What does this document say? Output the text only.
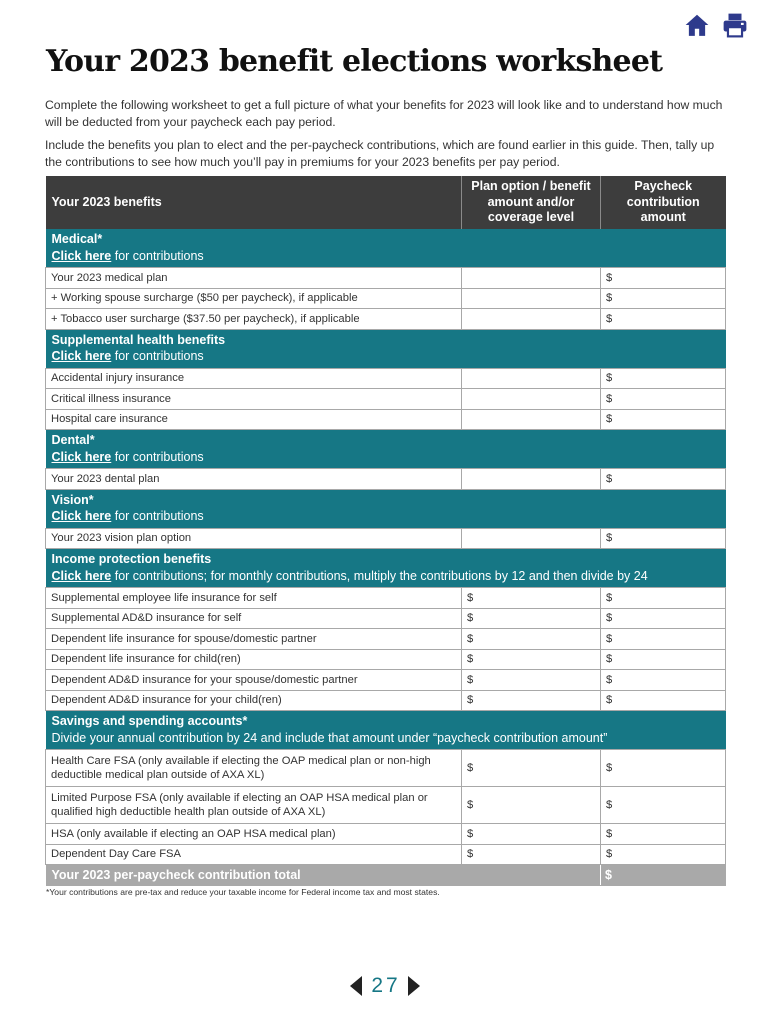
Your 2023 benefit elections worksheet

Complete the following worksheet to get a full picture of what your benefits for 2023 will look like and to understand how much will be deducted from your paycheck each pay period.

Include the benefits you plan to elect and the per-paycheck contributions, which are found earlier in this guide. Then, tally up the contributions to see how much you’ll pay in premiums for your 2023 benefits per pay period.

Your 2023 benefits	Plan option / benefit amount and/or coverage level	Paycheck contribution amount

Medical*
Click here for contributions		
Your 2023 medical plan		$
+ Working spouse surcharge ($50 per paycheck), if applicable		$
+ Tobacco user surcharge ($37.50 per paycheck), if applicable		$

Supplemental health benefits
Click here for contributions		
Accidental injury insurance		$
Critical illness insurance		$
Hospital care insurance		$

Dental*
Click here for contributions		
Your 2023 dental plan		$

Vision*
Click here for contributions		
Your 2023 vision plan option		$

Income protection benefits
Click here for contributions; for monthly contributions, multiply the contributions by 12 and then divide by 24		
Supplemental employee life insurance for self	$	$
Supplemental AD&D insurance for self	$	$
Dependent life insurance for spouse/domestic partner	$	$
Dependent life insurance for child(ren)	$	$
Dependent AD&D insurance for your spouse/domestic partner	$	$
Dependent AD&D insurance for your child(ren)	$	$

Savings and spending accounts*
Divide your annual contribution by 24 and include that amount under “paycheck contribution amount”		
Health Care FSA (only available if electing the OAP medical plan or non-high deductible medical plan outside of AXA XL)	$	$
Limited Purpose FSA (only available if electing an OAP HSA medical plan or qualified high deductible health plan outside of AXA XL)	$	$
HSA (only available if electing an OAP HSA medical plan)	$	$
Dependent Day Care FSA	$	$
Your 2023 per-paycheck contribution total		$

*Your contributions are pre-tax and reduce your taxable income for Federal income tax and most states.

27
